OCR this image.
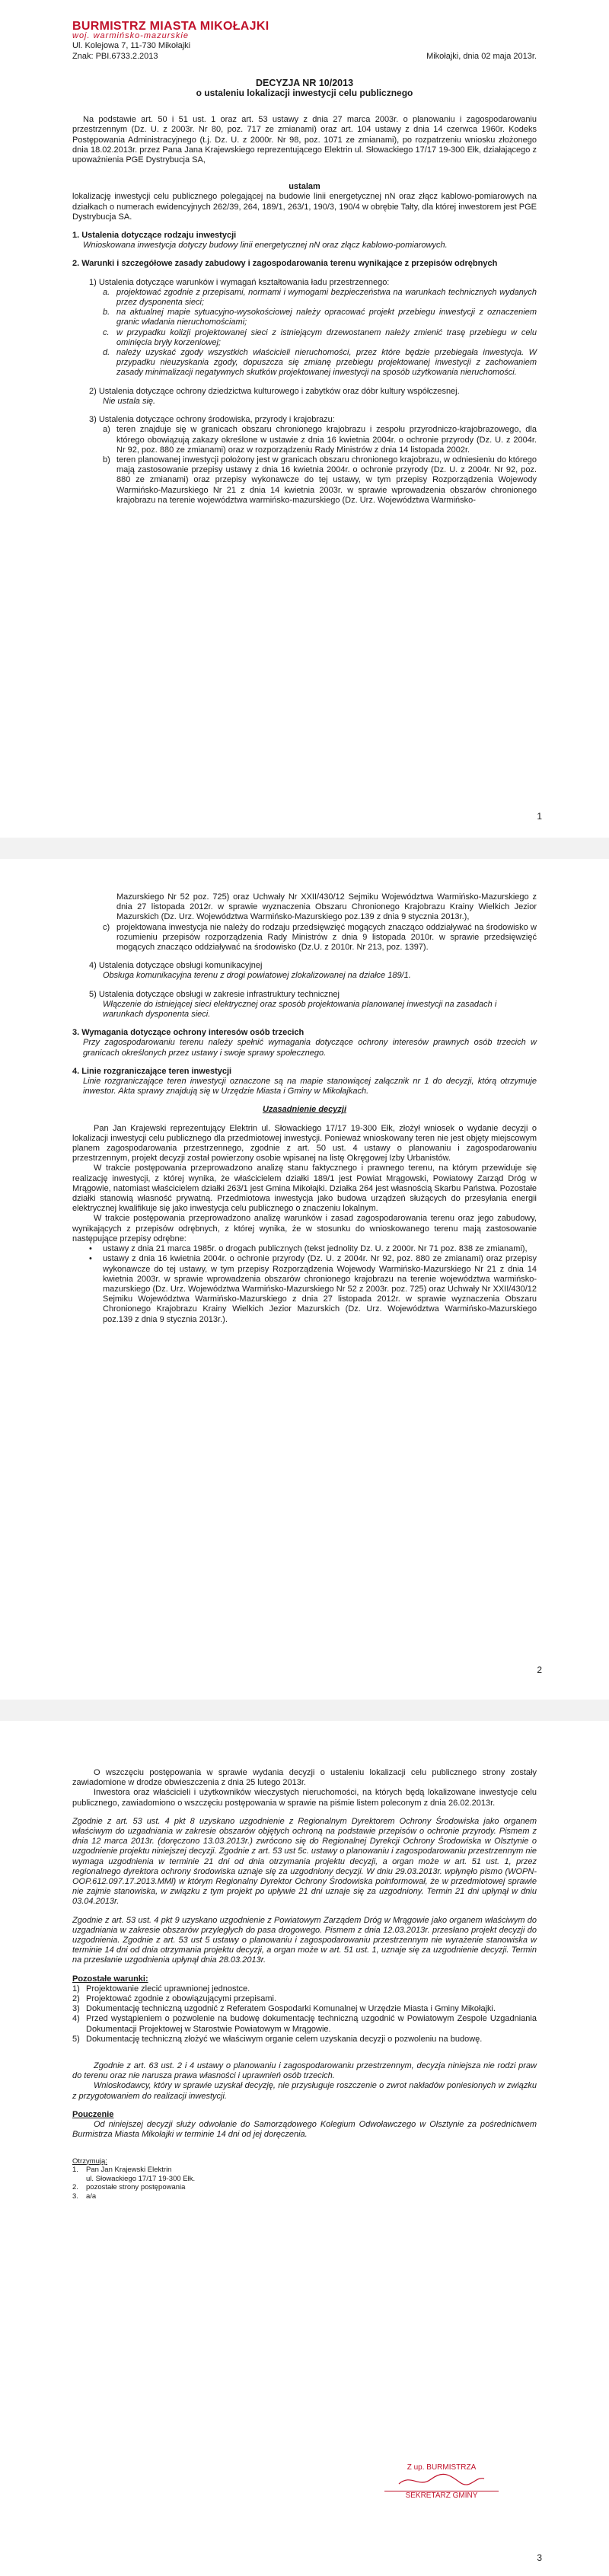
BURMISTRZ MIASTA MIKOŁAJKI
woj. warmińsko-mazurskie

Ul. Kolejowa 7, 11-730 Mikołajki

Znak: PBI.6733.2.2013	Mikołajki, dnia 02 maja 2013r.

DECYZJA NR 10/2013

o ustaleniu lokalizacji inwestycji celu publicznego

Na podstawie art. 50 i 51 ust. 1 oraz art. 53 ustawy z dnia 27 marca 2003r. o planowaniu i zagospodarowaniu przestrzennym (Dz. U. z 2003r. Nr 80, poz. 717 ze zmianami) oraz art. 104 ustawy z dnia 14 czerwca 1960r. Kodeks Postępowania Administracyjnego (t.j. Dz. U. z 2000r. Nr 98, poz. 1071 ze zmianami), po rozpatrzeniu wniosku złożonego dnia 18.02.2013r. przez Pana Jana Krajewskiego reprezentującego Elektrin ul. Słowackiego 17/17 19-300 Ełk, działającego z upoważnienia PGE Dystrybucja SA,

ustalam

lokalizację inwestycji celu publicznego polegającej na budowie linii energetycznej nN oraz złącz kablowo-pomiarowych na działkach o numerach ewidencyjnych 262/39, 264, 189/1, 263/1, 190/3, 190/4 w obrębie Tałty, dla której inwestorem jest PGE Dystrybucja SA.

1. Ustalenia dotyczące rodzaju inwestycji

Wnioskowana inwestycja dotyczy budowy linii energetycznej nN oraz złącz kablowo-pomiarowych.

2. Warunki i szczegółowe zasady zabudowy i zagospodarowania terenu wynikające z przepisów odrębnych

1) Ustalenia dotyczące warunków i wymagań kształtowania ładu przestrzennego:

a. projektować zgodnie z przepisami, normami i wymogami bezpieczeństwa na warunkach technicznych wydanych przez dysponenta sieci;
b. na aktualnej mapie sytuacyjno-wysokościowej należy opracować projekt przebiegu inwestycji z oznaczeniem granic władania nieruchomościami;
c. w przypadku kolizji projektowanej sieci z istniejącym drzewostanem należy zmienić trasę przebiegu w celu ominięcia bryły korzeniowej;
d. należy uzyskać zgody wszystkich właścicieli nieruchomości, przez które będzie przebiegała inwestycja. W przypadku nieuzyskania zgody, dopuszcza się zmianę przebiegu projektowanej inwestycji z zachowaniem zasady minimalizacji negatywnych skutków projektowanej inwestycji na sposób użytkowania nieruchomości.

2) Ustalenia dotyczące ochrony dziedzictwa kulturowego i zabytków oraz dóbr kultury współczesnej.

Nie ustala się.

3) Ustalenia dotyczące ochrony środowiska, przyrody i krajobrazu:

a) teren znajduje się w granicach obszaru chronionego krajobrazu i zespołu przyrodniczo-krajobrazowego, dla którego obowiązują zakazy określone w ustawie z dnia 16 kwietnia 2004r. o ochronie przyrody (Dz. U. z 2004r. Nr 92, poz. 880 ze zmianami) oraz w rozporządzeniu Rady Ministrów z dnia 14 listopada 2002r.
b) teren planowanej inwestycji położony jest w granicach obszaru chronionego krajobrazu, w odniesieniu do którego mają zastosowanie przepisy ustawy z dnia 16 kwietnia 2004r. o ochronie przyrody (Dz. U. z 2004r. Nr 92, poz. 880 ze zmianami) oraz przepisy wykonawcze do tej ustawy, w tym przepisy Rozporządzenia Wojewody Warmińsko-Mazurskiego Nr 21 z dnia 14 kwietnia 2003r. w sprawie wprowadzenia obszarów chronionego krajobrazu na terenie województwa warmińsko-mazurskiego (Dz. Urz. Województwa Warmińsko-
1

Mazurskiego Nr 52 poz. 725) oraz Uchwały Nr XXII/430/12 Sejmiku Województwa Warmińsko-Mazurskiego z dnia 27 listopada 2012r. w sprawie wyznaczenia Obszaru Chronionego Krajobrazu Krainy Wielkich Jezior Mazurskich (Dz. Urz. Województwa Warmińsko-Mazurskiego poz.139 z dnia 9 stycznia 2013r.),

c) projektowana inwestycja nie należy do rodzaju przedsięwzięć mogących znacząco oddziaływać na środowisko w rozumieniu przepisów rozporządzenia Rady Ministrów z dnia 9 listopada 2010r. w sprawie przedsięwzięć mogących znacząco oddziaływać na środowisko (Dz.U. z 2010r. Nr 213, poz. 1397).

4) Ustalenia dotyczące obsługi komunikacyjnej

Obsługa komunikacyjna terenu z drogi powiatowej zlokalizowanej na działce 189/1.

5) Ustalenia dotyczące obsługi w zakresie infrastruktury technicznej

Włączenie do istniejącej sieci elektrycznej oraz sposób projektowania planowanej inwestycji na zasadach i warunkach dysponenta sieci.

3. Wymagania dotyczące ochrony interesów osób trzecich

Przy zagospodarowaniu terenu należy spełnić wymagania dotyczące ochrony interesów prawnych osób trzecich w granicach określonych przez ustawy i swoje sprawy społecznego.

4. Linie rozgraniczające teren inwestycji

Linie rozgraniczające teren inwestycji oznaczone są na mapie stanowiącej załącznik nr 1 do decyzji, którą otrzymuje inwestor. Akta sprawy znajdują się w Urzędzie Miasta i Gminy w Mikołajkach.

Uzasadnienie decyzji

Pan Jan Krajewski reprezentujący Elektrin ul. Słowackiego 17/17 19-300 Ełk, złożył wniosek o wydanie decyzji o lokalizacji inwestycji celu publicznego dla przedmiotowej inwestycji. Ponieważ wnioskowany teren nie jest objęty miejscowym planem zagospodarowania przestrzennego, zgodnie z art. 50 ust. 4 ustawy o planowaniu i zagospodarowaniu przestrzennym, projekt decyzji został powierzony osobie wpisanej na listę Okręgowej Izby Urbanistów.

W trakcie postępowania przeprowadzono analizę stanu faktycznego i prawnego terenu, na którym przewiduje się realizację inwestycji, z której wynika, że właścicielem działki 189/1 jest Powiat Mrągowski, Powiatowy Zarząd Dróg w Mrągowie, natomiast właścicielem działki 263/1 jest Gmina Mikołajki. Działka 264 jest własnością Skarbu Państwa. Pozostałe działki stanowią własność prywatną. Przedmiotowa inwestycja jako budowa urządzeń służących do przesyłania energii elektrycznej kwalifikuje się jako inwestycja celu publicznego o znaczeniu lokalnym.

W trakcie postępowania przeprowadzono analizę warunków i zasad zagospodarowania terenu oraz jego zabudowy, wynikających z przepisów odrębnych, z której wynika, że w stosunku do wnioskowanego terenu mają zastosowanie następujące przepisy odrębne:

•	ustawy z dnia 21 marca 1985r. o drogach publicznych (tekst jednolity Dz. U. z 2000r. Nr 71 poz. 838 ze zmianami),
•	ustawy z dnia 16 kwietnia 2004r. o ochronie przyrody (Dz. U. z 2004r. Nr 92, poz. 880 ze zmianami) oraz przepisy wykonawcze do tej ustawy, w tym przepisy Rozporządzenia Wojewody Warmińsko-Mazurskiego Nr 21 z dnia 14 kwietnia 2003r. w sprawie wprowadzenia obszarów chronionego krajobrazu na terenie województwa warmińsko-mazurskiego (Dz. Urz. Województwa Warmińsko-Mazurskiego Nr 52 z 2003r. poz. 725) oraz Uchwały Nr XXII/430/12 Sejmiku Województwa Warmińsko-Mazurskiego z dnia 27 listopada 2012r. w sprawie wyznaczenia Obszaru Chronionego Krajobrazu Krainy Wielkich Jezior Mazurskich (Dz. Urz. Województwa Warmińsko-Mazurskiego poz.139 z dnia 9 stycznia 2013r.).
2

O wszczęciu postępowania w sprawie wydania decyzji o ustaleniu lokalizacji celu publicznego strony zostały zawiadomione w drodze obwieszczenia z dnia 25 lutego 2013r.

Inwestora oraz właścicieli i użytkowników wieczystych nieruchomości, na których będą lokalizowane inwestycje celu publicznego, zawiadomiono o wszczęciu postępowania w sprawie na piśmie listem poleconym z dnia 26.02.2013r.

Zgodnie z art. 53 ust. 4 pkt 8 uzyskano uzgodnienie z Regionalnym Dyrektorem Ochrony Środowiska jako organem właściwym do uzgadniania w zakresie obszarów objętych ochroną na podstawie przepisów o ochronie przyrody. Pismem z dnia 12 marca 2013r. (doręczono 13.03.2013r.) zwrócono się do Regionalnej Dyrekcji Ochrony Środowiska w Olsztynie o uzgodnienie projektu niniejszej decyzji. Zgodnie z art. 53 ust 5c. ustawy o planowaniu i zagospodarowaniu przestrzennym nie wymaga uzgodnienia w terminie 21 dni od dnia otrzymania projektu decyzji, a organ może w art. 51 ust. 1, przez regionalnego dyrektora ochrony środowiska uznaje się za uzgodniony decyzji. W dniu 29.03.2013r. wpłynęło pismo (WOPN-OOP.612.097.17.2013.MMl) w którym Regionalny Dyrektor Ochrony Środowiska poinformował, że w przedmiotowej sprawie nie zajmie stanowiska, w związku z tym projekt po upływie 21 dni uznaje się za uzgodniony. Termin 21 dni upłynął w dniu 03.04.2013r.

Zgodnie z art. 53 ust. 4 pkt 9 uzyskano uzgodnienie z Powiatowym Zarządem Dróg w Mrągowie jako organem właściwym do uzgadniania w zakresie obszarów przyległych do pasa drogowego. Pismem z dnia 12.03.2013r. przesłano projekt decyzji do uzgodnienia. Zgodnie z art. 53 ust 5 ustawy o planowaniu i zagospodarowaniu przestrzennym nie wyrażenie stanowiska w terminie 14 dni od dnia otrzymania projektu decyzji, a organ może w art. 51 ust. 1, uznaje się za uzgodnienie decyzji. Termin na przesłanie uzgodnienia upłynął dnia 28.03.2013r.

Pozostałe warunki:

1) Projektowanie zlecić uprawnionej jednostce.
2) Projektować zgodnie z obowiązującymi przepisami.
3) Dokumentację techniczną uzgodnić z Referatem Gospodarki Komunalnej w Urzędzie Miasta i Gminy Mikołajki.
4) Przed wystąpieniem o pozwolenie na budowę dokumentację techniczną uzgodnić w Powiatowym Zespole Uzgadniania Dokumentacji Projektowej w Starostwie Powiatowym w Mrągowie.
5) Dokumentację techniczną złożyć we właściwym organie celem uzyskania decyzji o pozwoleniu na budowę.

Zgodnie z art. 63 ust. 2 i 4 ustawy o planowaniu i zagospodarowaniu przestrzennym, decyzja niniejsza nie rodzi praw do terenu oraz nie narusza prawa własności i uprawnień osób trzecich.

Wnioskodawcy, który w sprawie uzyskał decyzję, nie przysługuje roszczenie o zwrot nakładów poniesionych w związku z przygotowaniem do realizacji inwestycji.

Pouczenie

Od niniejszej decyzji służy odwołanie do Samorządowego Kolegium Odwoławczego w Olsztynie za pośrednictwem Burmistrza Miasta Mikołajki w terminie 14 dni od jej doręczenia.

Otrzymują:

1.	Pan Jan Krajewski Elektrin
ul. Słowackiego 17/17 19-300 Ełk.
2.	pozostałe strony postępowania
3.	a/a
Z up. BURMISTRZA
SEKRETARZ GMINY
3
